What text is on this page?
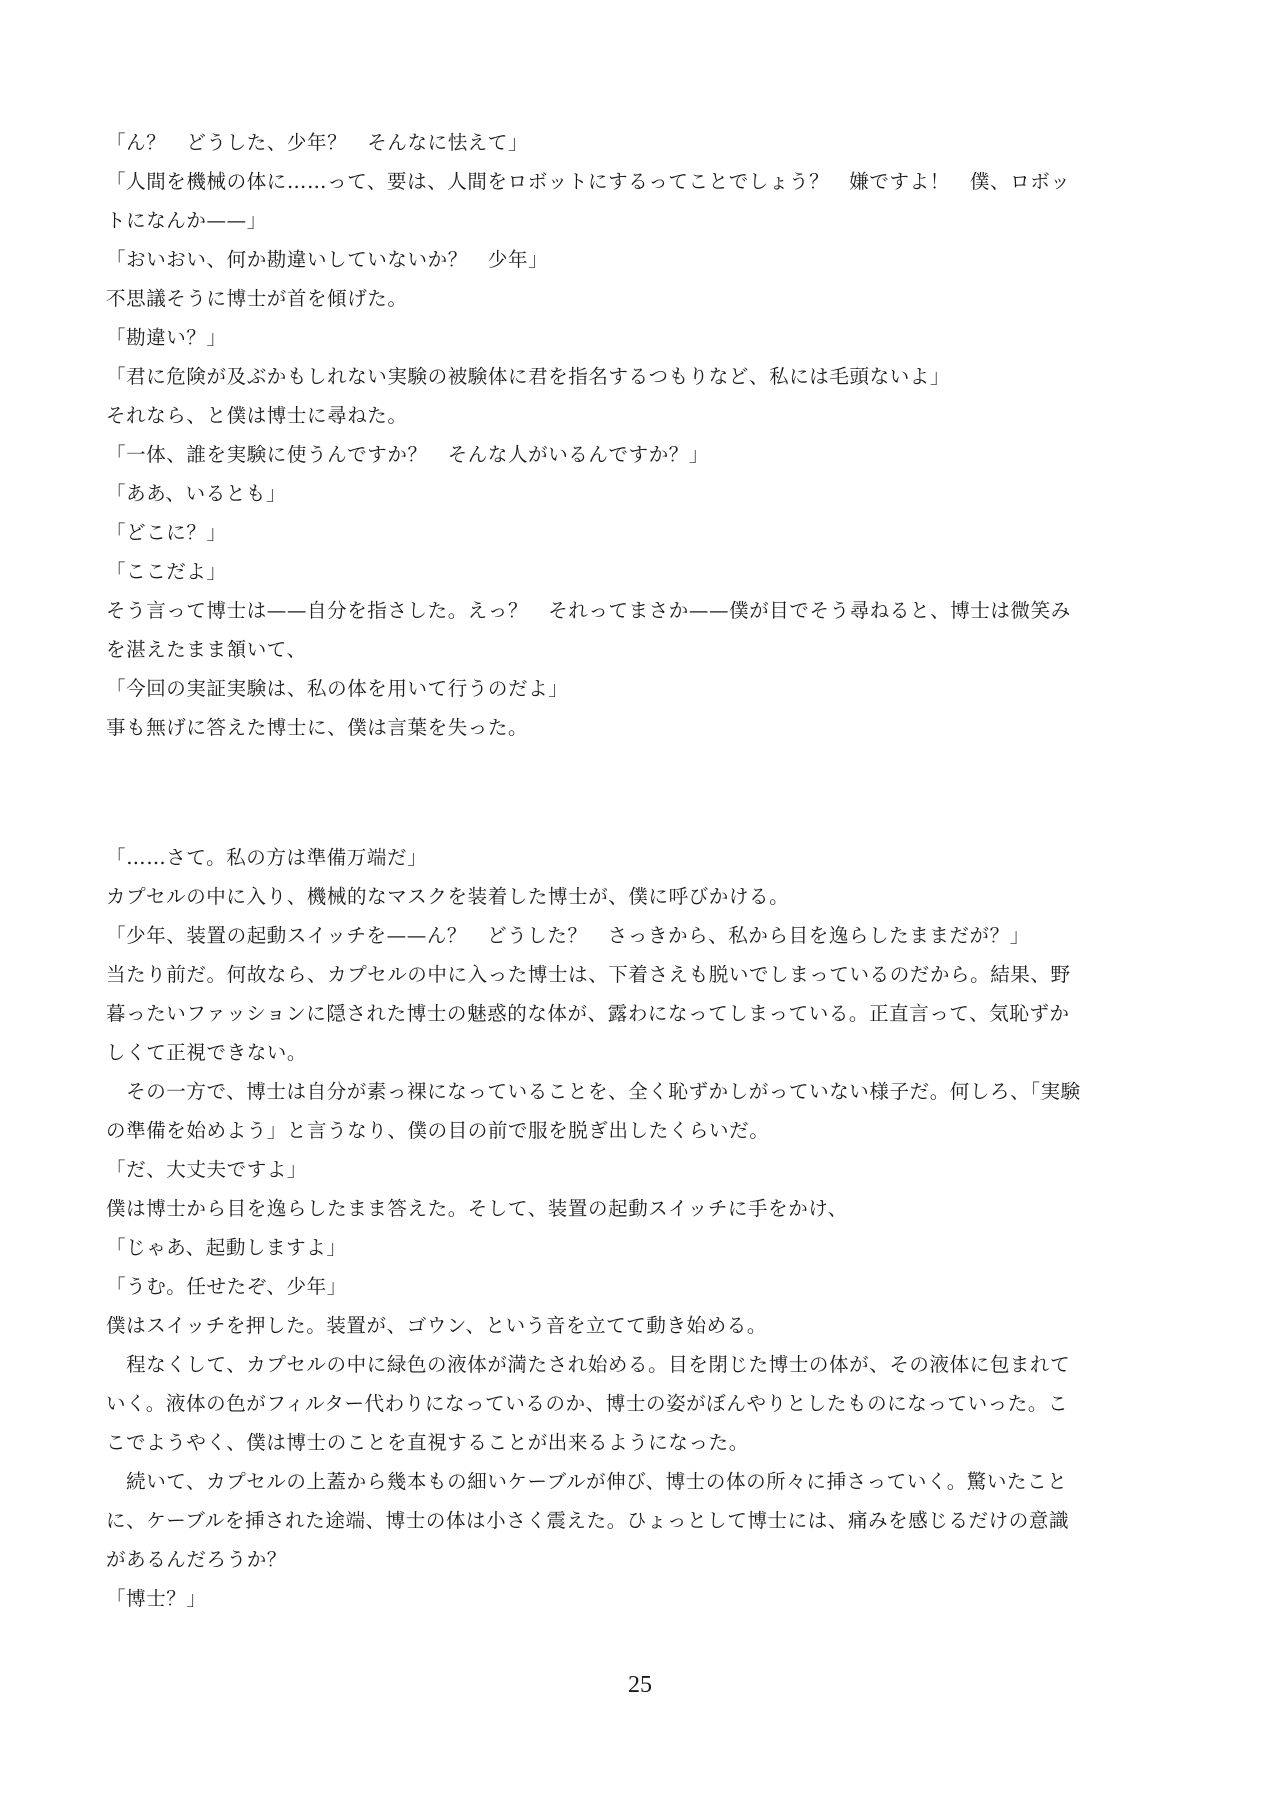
「ん？　どうした、少年？　そんなに怯えて」
「人間を機械の体に……って、要は、人間をロボットにするってことでしょう？　嫌ですよ！　僕、ロボッ
トになんか——」
「おいおい、何か勘違いしていないか？　少年」
不思議そうに博士が首を傾げた。
「勘違い？」
「君に危険が及ぶかもしれない実験の被験体に君を指名するつもりなど、私には毛頭ないよ」
それなら、と僕は博士に尋ねた。
「一体、誰を実験に使うんですか？　そんな人がいるんですか？」
「ああ、いるとも」
「どこに？」
「ここだよ」
そう言って博士は——自分を指さした。えっ？　それってまさか——僕が目でそう尋ねると、博士は微笑み
を湛えたまま頷いて、
「今回の実証実験は、私の体を用いて行うのだよ」
事も無げに答えた博士に、僕は言葉を失った。
「……さて。私の方は準備万端だ」
カプセルの中に入り、機械的なマスクを装着した博士が、僕に呼びかける。
「少年、装置の起動スイッチを——ん？　どうした？　さっきから、私から目を逸らしたままだが？」
当たり前だ。何故なら、カプセルの中に入った博士は、下着さえも脱いでしまっているのだから。結果、野
暮ったいファッションに隠された博士の魅惑的な体が、露わになってしまっている。正直言って、気恥ずか
しくて正視できない。
　その一方で、博士は自分が素っ裸になっていることを、全く恥ずかしがっていない様子だ。何しろ、「実験
の準備を始めよう」と言うなり、僕の目の前で服を脱ぎ出したくらいだ。
「だ、大丈夫ですよ」
僕は博士から目を逸らしたまま答えた。そして、装置の起動スイッチに手をかけ、
「じゃあ、起動しますよ」
「うむ。任せたぞ、少年」
僕はスイッチを押した。装置が、ゴウン、という音を立てて動き始める。
　程なくして、カプセルの中に緑色の液体が満たされ始める。目を閉じた博士の体が、その液体に包まれて
いく。液体の色がフィルター代わりになっているのか、博士の姿がぼんやりとしたものになっていった。こ
こでようやく、僕は博士のことを直視することが出来るようになった。
　続いて、カプセルの上蓋から幾本もの細いケーブルが伸び、博士の体の所々に挿さっていく。驚いたこと
に、ケーブルを挿された途端、博士の体は小さく震えた。ひょっとして博士には、痛みを感じるだけの意識
があるんだろうか？
「博士？」
25
